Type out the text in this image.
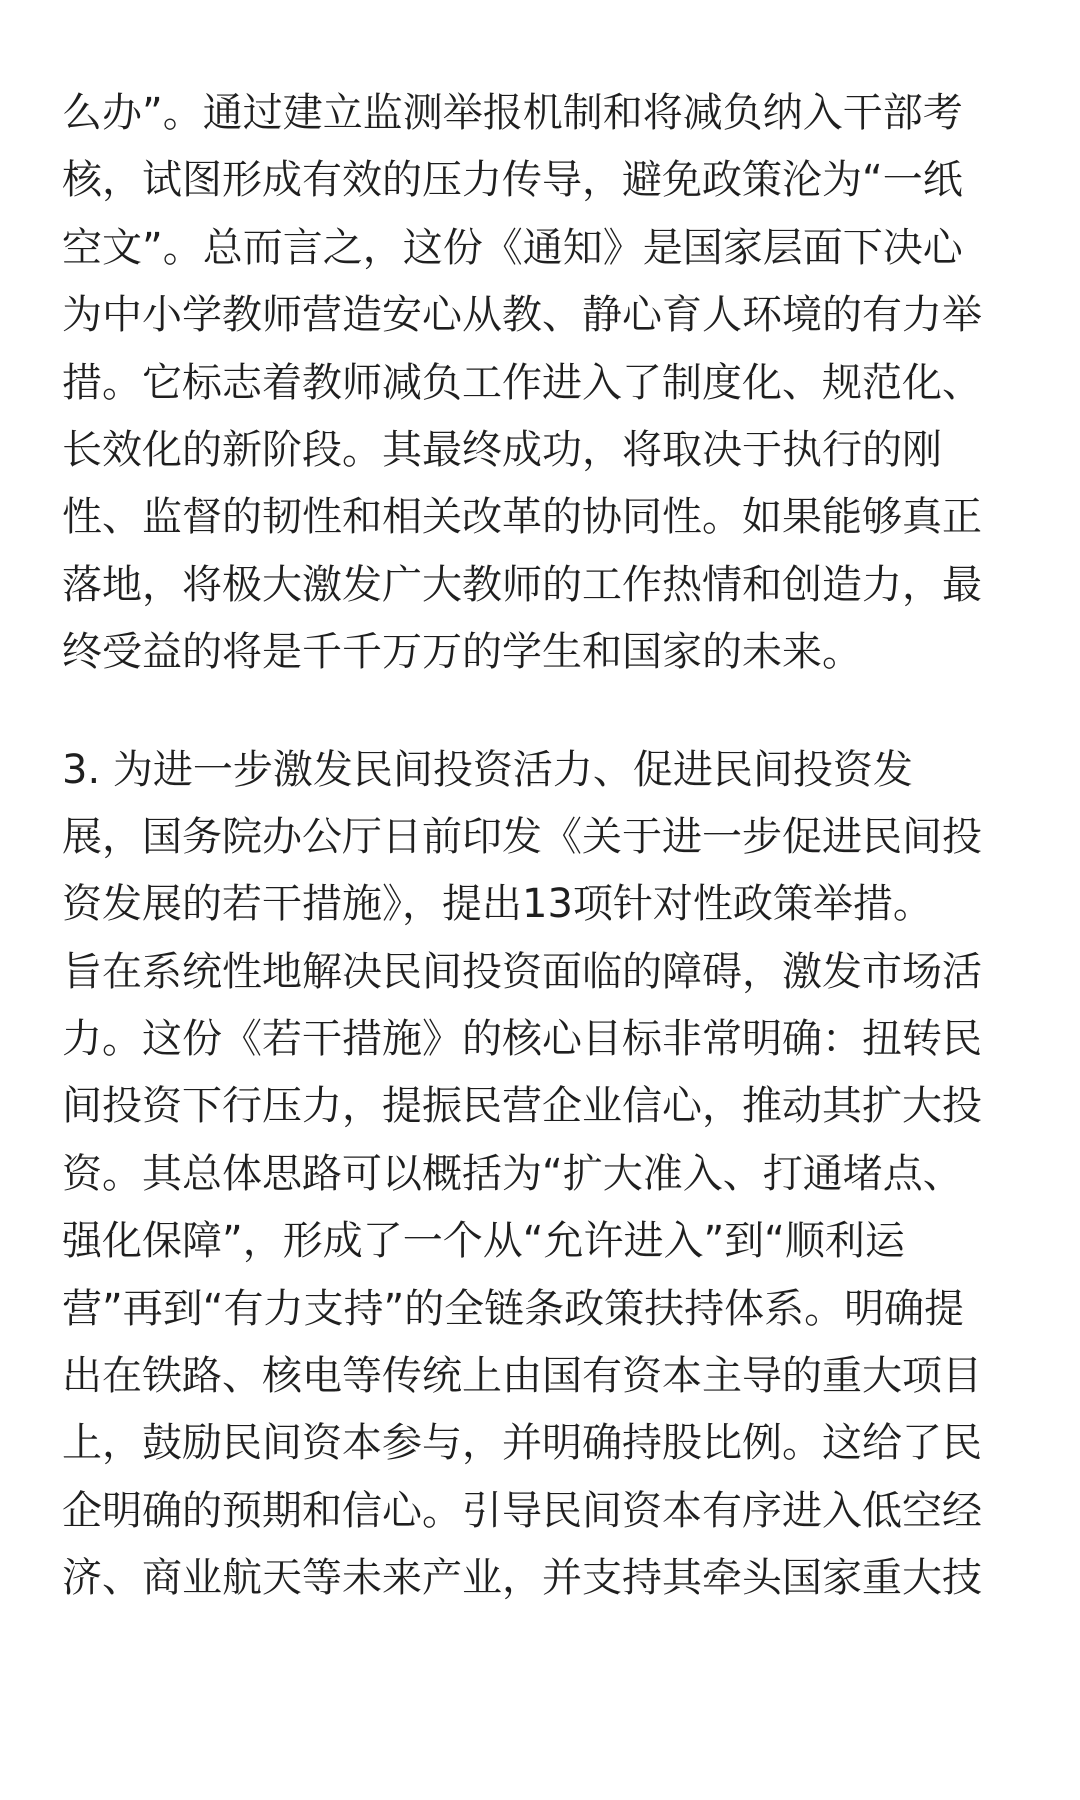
么办”。通过建立监测举报机制和将减负纳入干部考
核，试图形成有效的压力传导，避免政策沦为“一纸
空文”。总而言之，这份《通知》是国家层面下决心
为中小学教师营造安心从教、静心育人环境的有力举
措。它标志着教师减负工作进入了制度化、规范化、
长效化的新阶段。其最终成功，将取决于执行的刚
性、监督的韧性和相关改革的协同性。如果能够真正
落地，将极大激发广大教师的工作热情和创造力，最
终受益的将是千千万万的学生和国家的未来。

3. 为进一步激发民间投资活力、促进民间投资发
展，国务院办公厅日前印发《关于进一步促进民间投
资发展的若干措施》，提出13项针对性政策举措。
旨在系统性地解决民间投资面临的障碍，激发市场活
力。这份《若干措施》的核心目标非常明确：扭转民
间投资下行压力，提振民营企业信心，推动其扩大投
资。其总体思路可以概括为“扩大准入、打通堵点、
强化保障”，形成了一个从“允许进入”到“顺利运
营”再到“有力支持”的全链条政策扶持体系。明确提
出在铁路、核电等传统上由国有资本主导的重大项目
上，鼓励民间资本参与，并明确持股比例。这给了民
企明确的预期和信心。引导民间资本有序进入低空经
济、商业航天等未来产业，并支持其牵头国家重大技
